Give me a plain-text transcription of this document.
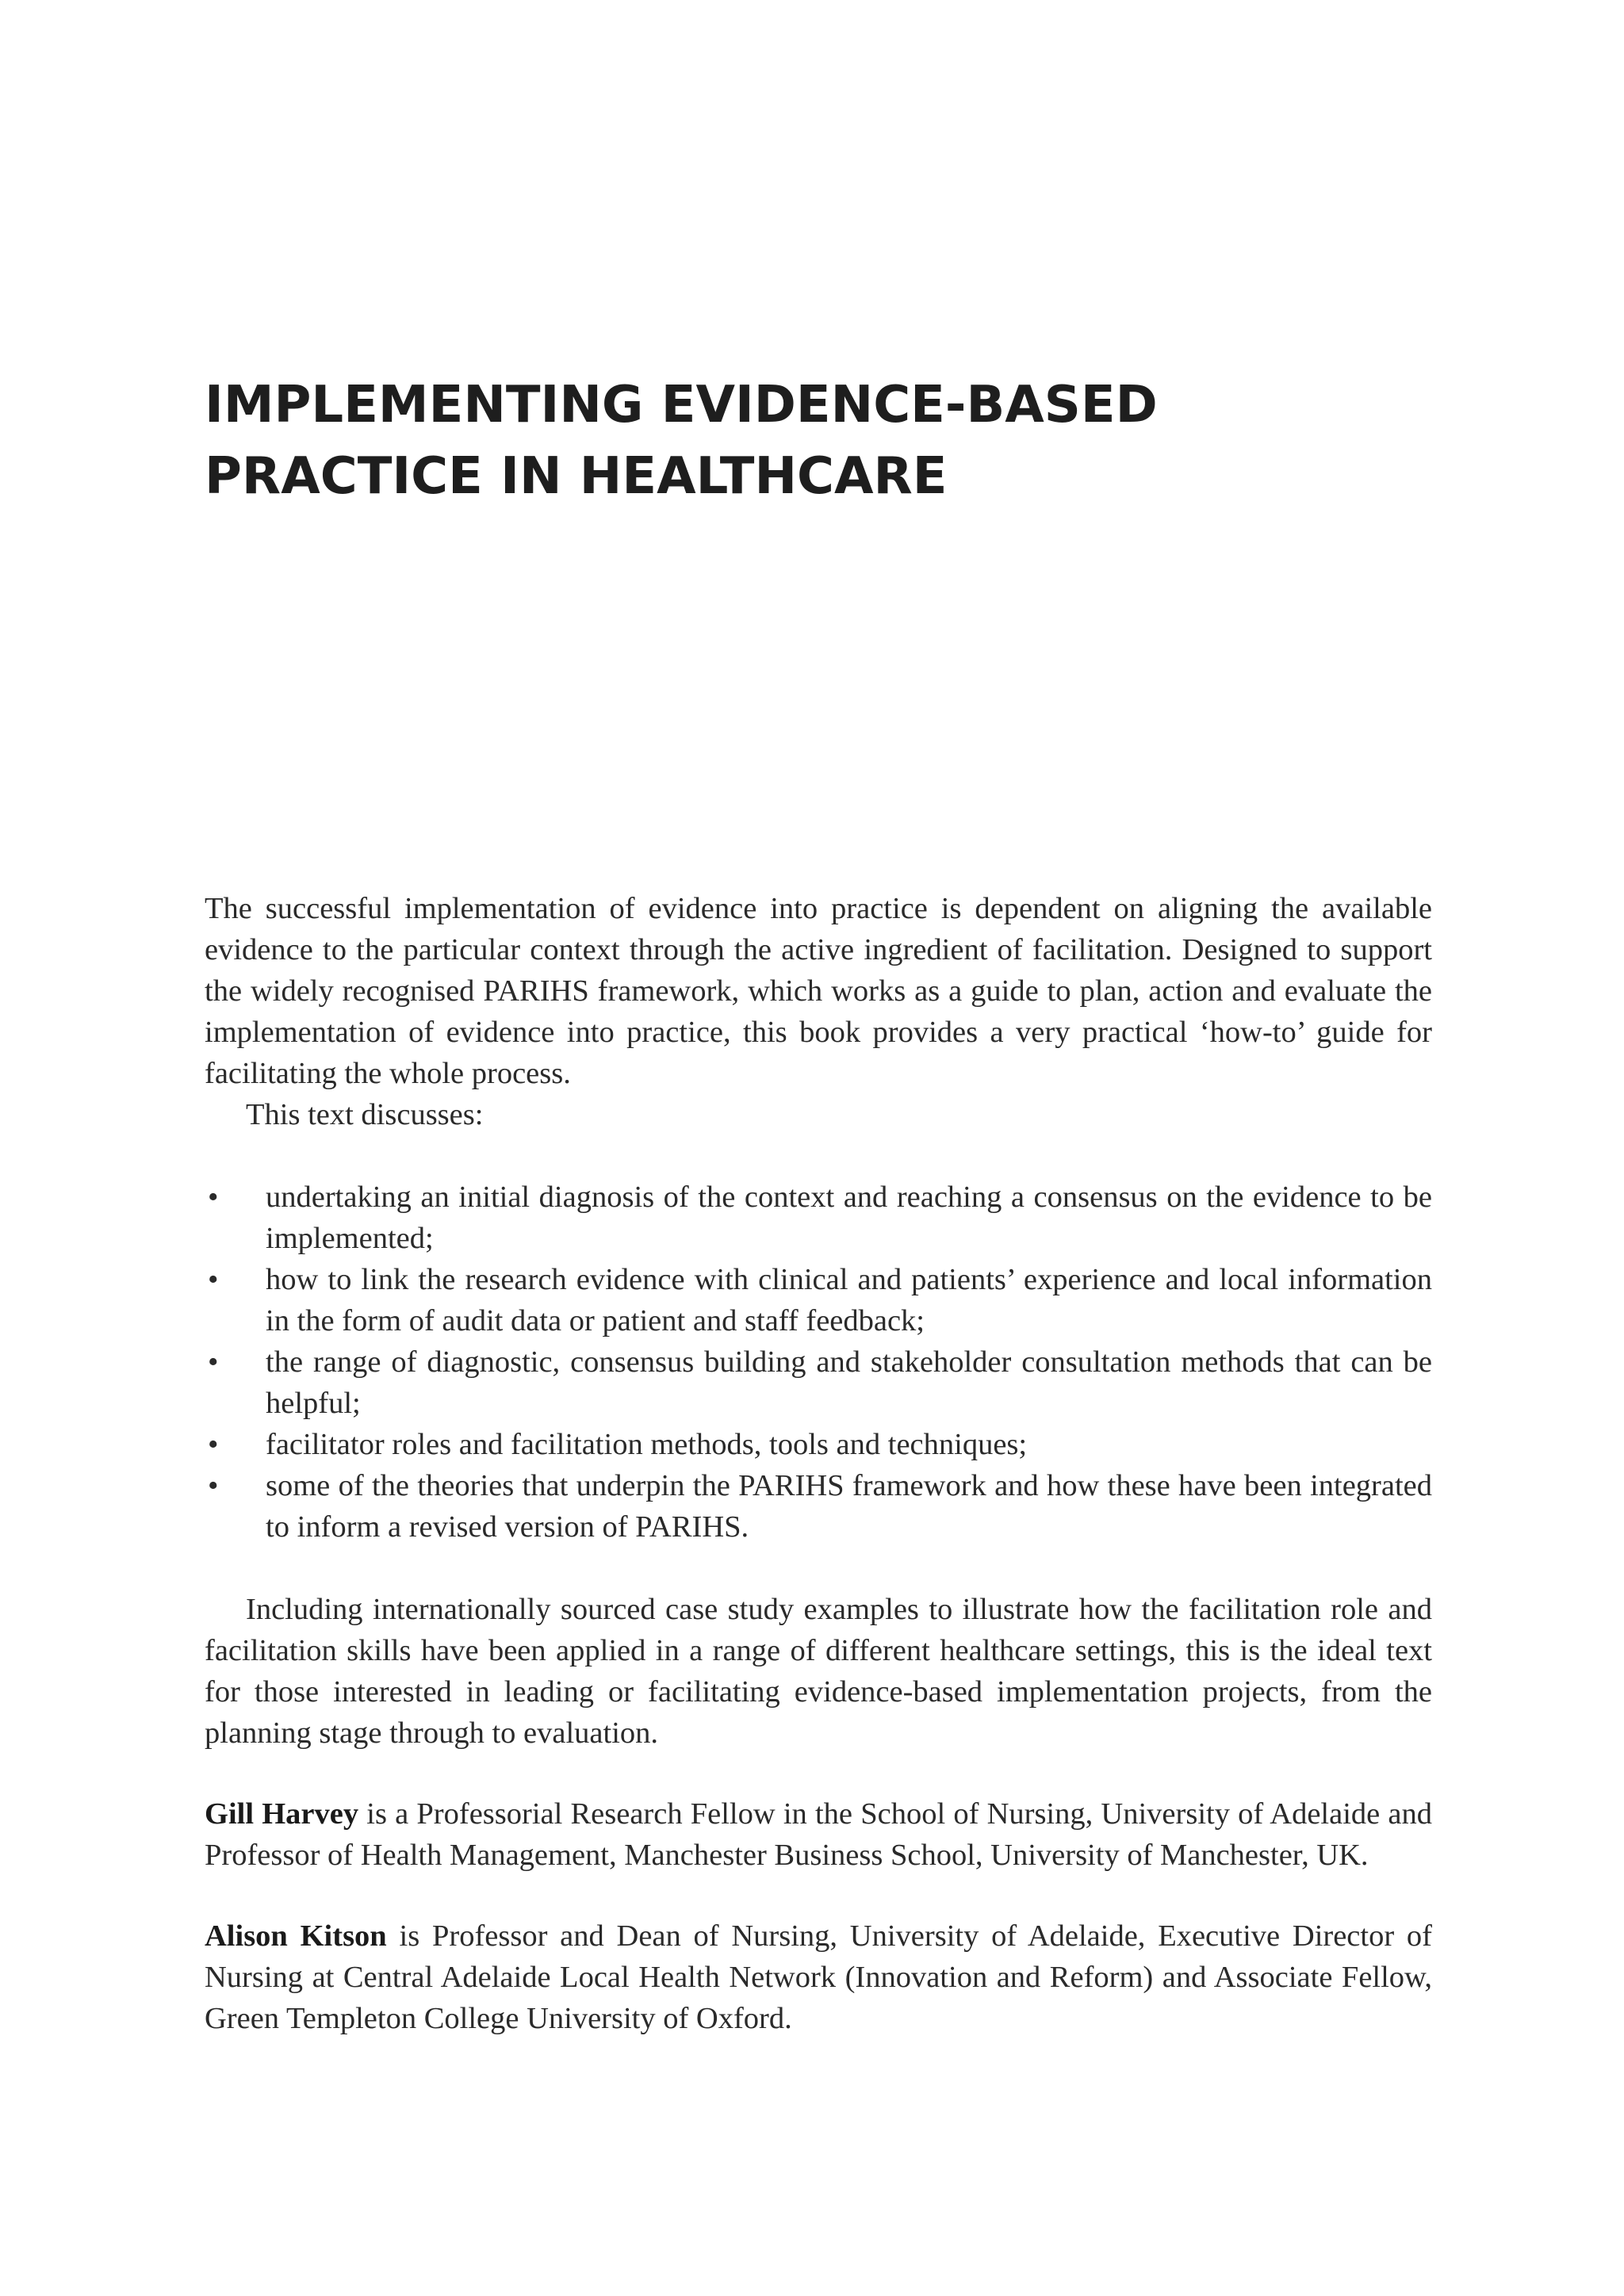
IMPLEMENTING EVIDENCE-BASED
PRACTICE IN HEALTHCARE

The successful implementation of evidence into practice is dependent on aligning the available evidence to the particular context through the active ingredient of facilitation. Designed to support the widely recognised PARIHS framework, which works as a guide to plan, action and evaluate the implementation of evidence into practice, this book provides a very practical ‘how-to’ guide for facilitating the whole process.

This text discusses:

• undertaking an initial diagnosis of the context and reaching a consensus on the evidence to be implemented;
• how to link the research evidence with clinical and patients’ experience and local information in the form of audit data or patient and staff feedback;
• the range of diagnostic, consensus building and stakeholder consultation methods that can be helpful;
• facilitator roles and facilitation methods, tools and techniques;
• some of the theories that underpin the PARIHS framework and how these have been integrated to inform a revised version of PARIHS.

Including internationally sourced case study examples to illustrate how the facilitation role and facilitation skills have been applied in a range of different healthcare settings, this is the ideal text for those interested in leading or facilitating evidence-based implementation projects, from the planning stage through to evaluation.

Gill Harvey is a Professorial Research Fellow in the School of Nursing, University of Adelaide and Professor of Health Management, Manchester Business School, University of Manchester, UK.

Alison Kitson is Professor and Dean of Nursing, University of Adelaide, Executive Director of Nursing at Central Adelaide Local Health Network (Innovation and Reform) and Associate Fellow, Green Templeton College University of Oxford.
